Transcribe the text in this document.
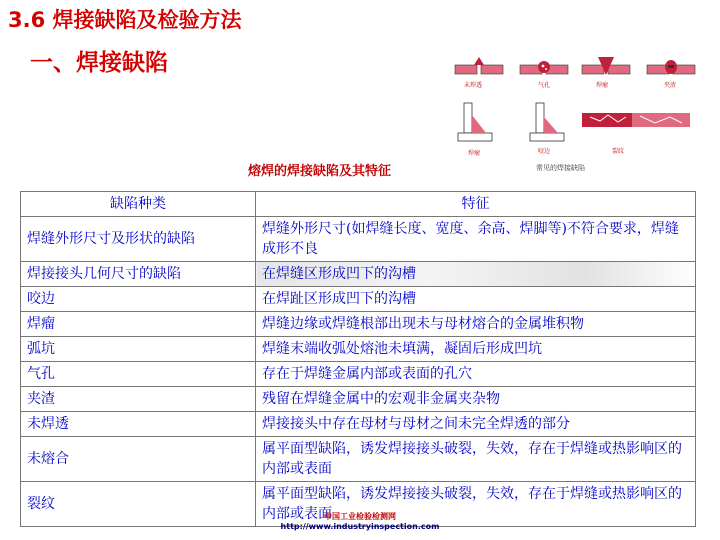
3.6 焊接缺陷及检验方法
一、焊接缺陷
未焊透	气孔	焊瘤	夹渣
焊瘤	咬边	裂纹
常见的焊接缺陷
熔焊的焊接缺陷及其特征
缺陷种类	特征
焊缝外形尺寸及形状的缺陷	焊缝外形尺寸(如焊缝长度、宽度、余高、焊脚等)不符合要求，焊缝成形不良
焊接接头几何尺寸的缺陷	在焊缝区形成凹下的沟槽
咬边	在焊趾区形成凹下的沟槽
焊瘤	焊缝边缘或焊缝根部出现未与母材熔合的金属堆积物
弧坑	焊缝末端收弧处熔池未填满，凝固后形成凹坑
气孔	存在于焊缝金属内部或表面的孔穴
夹渣	残留在焊缝金属中的宏观非金属夹杂物
未焊透	焊接接头中存在母材与母材之间未完全焊透的部分
未熔合	属平面型缺陷，诱发焊接接头破裂，失效，存在于焊缝或热影响区的内部或表面
裂纹	属平面型缺陷，诱发焊接接头破裂，失效，存在于焊缝或热影响区的内部或表面
中国工业检验检测网
http://www.industryinspection.com
